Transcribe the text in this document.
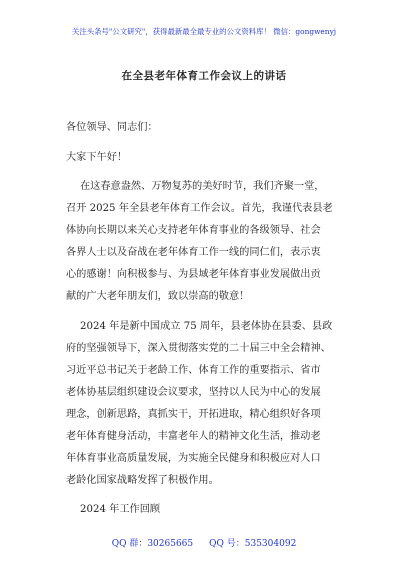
关注头条号"公文研究"，获得最新最全最专业的公文资料库！ 微信：gongwenyj
在全县老年体育工作会议上的讲话
各位领导、同志们：
大家下午好！
在这春意盎然、万物复苏的美好时节，我们齐聚一堂，
召开 2025 年全县老年体育工作会议。首先，我谨代表县老
体协向长期以来关心支持老年体育事业的各级领导、社会
各界人士以及奋战在老年体育工作一线的同仁们，表示衷
心的感谢！向积极参与、为县域老年体育事业发展做出贡
献的广大老年朋友们，致以崇高的敬意！
2024 年是新中国成立 75 周年，县老体协在县委、县政
府的坚强领导下，深入贯彻落实党的二十届三中全会精神、
习近平总书记关于老龄工作、体育工作的重要指示、省市
老体协基层组织建设会议要求，坚持以人民为中心的发展
理念，创新思路，真抓实干，开拓进取，精心组织好各项
老年体育健身活动，丰富老年人的精神文化生活，推动老
年体育事业高质量发展，为实施全民健身和积极应对人口
老龄化国家战略发挥了积极作用。
2024 年工作回顾
QQ 群：30265665 QQ 号：535304092
